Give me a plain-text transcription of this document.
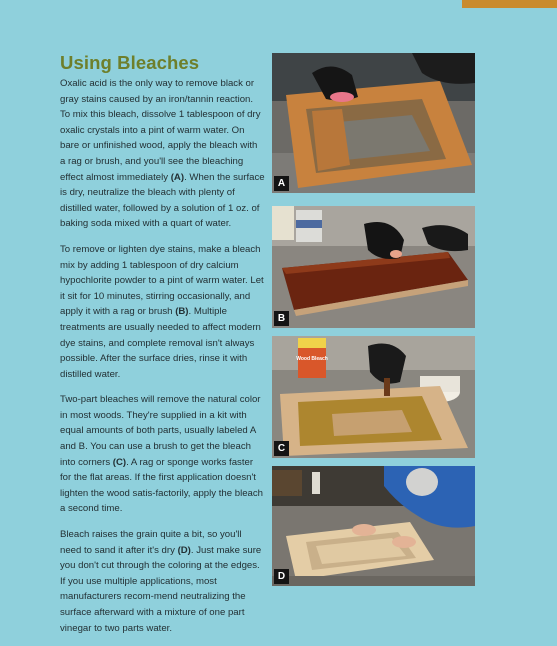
Using Bleaches

Oxalic acid is the only way to remove black or gray stains caused by an iron/tannin reaction. To mix this bleach, dissolve 1 tablespoon of dry oxalic crystals into a pint of warm water. On bare or unfinished wood, apply the bleach with a rag or brush, and you'll see the bleaching effect almost immediately (A). When the surface is dry, neutralize the bleach with plenty of distilled water, followed by a solution of 1 oz. of baking soda mixed with a quart of water.

To remove or lighten dye stains, make a bleach mix by adding 1 tablespoon of dry calcium hypochlorite powder to a pint of warm water. Let it sit for 10 minutes, stirring occasionally, and apply it with a rag or brush (B). Multiple treatments are usually needed to affect modern dye stains, and complete removal isn't always possible. After the surface dries, rinse it with distilled water.

Two-part bleaches will remove the natural color in most woods. They're supplied in a kit with equal amounts of both parts, usually labeled A and B. You can use a brush to get the bleach into corners (C). A rag or sponge works faster for the flat areas. If the first application doesn't lighten the wood satis-factorily, apply the bleach a second time.

Bleach raises the grain quite a bit, so you'll need to sand it after it's dry (D). Just make sure you don't cut through the coloring at the edges. If you use multiple applications, most manufacturers recom-mend neutralizing the surface afterward with a mixture of one part vinegar to two parts water.

A
B
Wood Bleach
C
D
